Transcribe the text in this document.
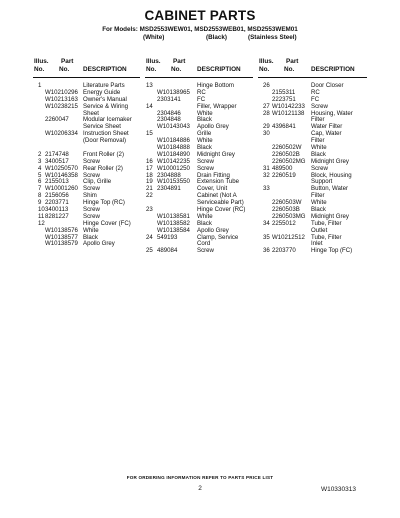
CABINET PARTS
For Models: MSD2553WEW01, MSD2553WEB01, MSD2553WEM01
(White)	(Black)	(Stainless Steel)
Illus. Part
No. No. DESCRIPTION
Illus. Part
No. No. DESCRIPTION
Illus. Part
No. No.	DESCRIPTION
1	Literature Parts
W10210296 Energy Guide
W10213163 Owner's Manual
W10238215 Service & Wiring
Sheet
2260047 Modular Icemaker
Service Sheet
W10206334 Instruction Sheet
(Door Removal)
2 2174748 Front Roller (2)
3 3400517 Screw
4 W10250570 Rear Roller (2)
5 W10146358 Screw
6 2155013 Clip, Grille
7 W10001260 Screw
8 2156056 Shim
9 2203771 Hinge Top (RC)
10 3400113 Screw
11 8281227 Screw
12	Hinge Cover (FC)
W10138576 White
W10138577 Black
W10138579 Apollo Grey
13	Hinge Bottom
W10138965 RC
2303141	FC
14	Filler, Wrapper
2304846	White
2304848	Black
W10143043 Apollo Grey
15	Grille
W10184886 White
W10184888 Black
W10184890 Midnight Grey
16 W10142235 Screw
17 W10001250 Screw
18 2304888	Drain Fitting
19 W10153550 Extension Tube
21 2304891	Cover, Unit
22	Cabinet (Not A
Serviceable Part)
23	Hinge Cover (RC)
W10138581 White
W10138582 Black
W10138584 Apollo Grey
24 549193	Clamp, Service
Cord
25 489084	Screw
26	Door Closer
2155311	RC
2223751	FC
27 W10142233 Screw
28 W10121138 Housing, Water
Filter
29 4396841	Water Filter
30	Cap, Water
Filter
2260502W White
2260502B Black
2260502MG Midnight Grey
31 489500	Screw
32 2260519	Block, Housing
Support
33	Button, Water
Filter
2260503W White
2260503B Black
2260503MG Midnight Grey
34 2255012	Tube, Filter
Outlet
35 W10212512 Tube, Filter
Inlet
36 2203770	Hinge Top (FC)
FOR ORDERING INFORMATION REFER TO PARTS PRICE LIST
2	W10330313
